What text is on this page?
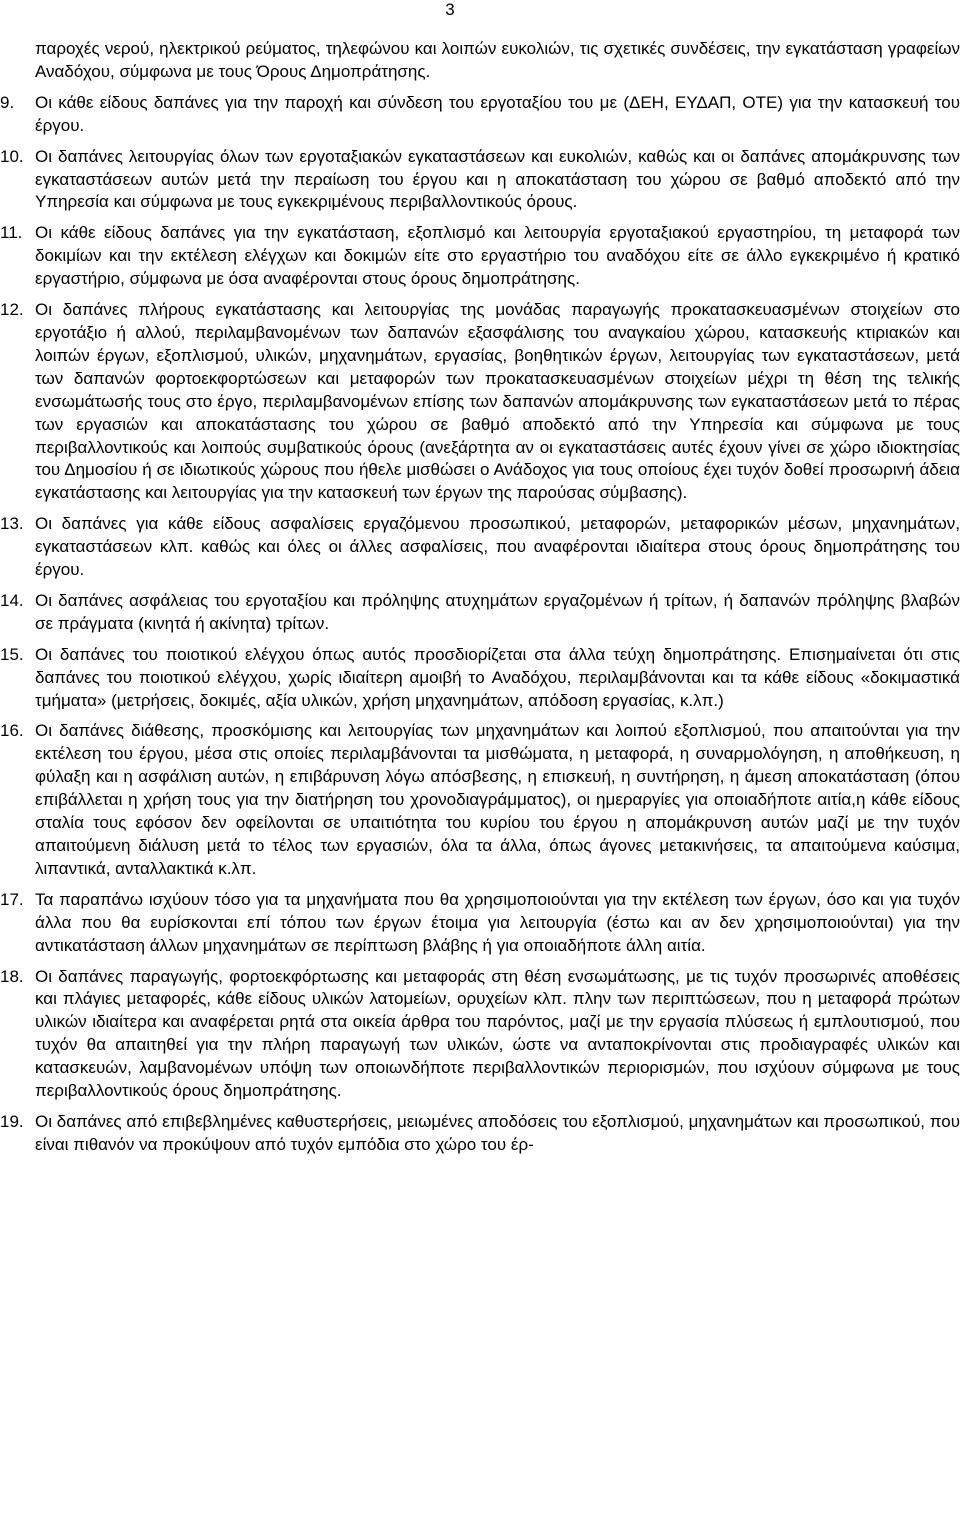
3
παροχές νερού, ηλεκτρικού ρεύματος, τηλεφώνου και λοιπών ευκολιών, τις σχετικές συνδέσεις, την εγκατάσταση γραφείων Αναδόχου, σύμφωνα με τους Όρους Δημοπράτησης.
9. Οι κάθε είδους δαπάνες για την παροχή και σύνδεση του εργοταξίου του με (ΔΕΗ, ΕΥΔΑΠ, ΟΤΕ) για την κατασκευή του έργου.
10. Οι δαπάνες λειτουργίας όλων των εργοταξιακών εγκαταστάσεων και ευκολιών, καθώς και οι δαπάνες απομάκρυνσης των εγκαταστάσεων αυτών μετά την περαίωση του έργου και η αποκατάσταση του χώρου σε βαθμό αποδεκτό από την Υπηρεσία και σύμφωνα με τους εγκεκριμένους περιβαλλοντικούς όρους.
11. Οι κάθε είδους δαπάνες για την εγκατάσταση, εξοπλισμό και λειτουργία εργοταξιακού εργαστηρίου, τη μεταφορά των δοκιμίων και την εκτέλεση ελέγχων και δοκιμών είτε στο εργαστήριο του αναδόχου είτε σε άλλο εγκεκριμένο ή κρατικό εργαστήριο, σύμφωνα με όσα αναφέρονται στους όρους δημοπράτησης.
12. Οι δαπάνες πλήρους εγκατάστασης και λειτουργίας της μονάδας παραγωγής προκατασκευασμένων στοιχείων στο εργοτάξιο ή αλλού, περιλαμβανομένων των δαπανών εξασφάλισης του αναγκαίου χώρου, κατασκευής κτιριακών και λοιπών έργων, εξοπλισμού, υλικών, μηχανημάτων, εργασίας, βοηθητικών έργων, λειτουργίας των εγκαταστάσεων, μετά των δαπανών φορτοεκφορτώσεων και μεταφορών των προκατασκευασμένων στοιχείων μέχρι τη θέση της τελικής ενσωμάτωσής τους στο έργο, περιλαμβανομένων επίσης των δαπανών απομάκρυνσης των εγκαταστάσεων μετά το πέρας των εργασιών και αποκατάστασης του χώρου σε βαθμό αποδεκτό από την Υπηρεσία και σύμφωνα με τους περιβαλλοντικούς και λοιπούς συμβατικούς όρους (ανεξάρτητα αν οι εγκαταστάσεις αυτές έχουν γίνει σε χώρο ιδιοκτησίας του Δημοσίου ή σε ιδιωτικούς χώρους που ήθελε μισθώσει ο Ανάδοχος για τους οποίους έχει τυχόν δοθεί προσωρινή άδεια εγκατάστασης και λειτουργίας για την κατασκευή των έργων της παρούσας σύμβασης).
13. Οι δαπάνες για κάθε είδους ασφαλίσεις εργαζόμενου προσωπικού, μεταφορών, μεταφορικών μέσων, μηχανημάτων, εγκαταστάσεων κλπ. καθώς και όλες οι άλλες ασφαλίσεις, που αναφέρονται ιδιαίτερα στους όρους δημοπράτησης του έργου.
14. Οι δαπάνες ασφάλειας του εργοταξίου και πρόληψης ατυχημάτων εργαζομένων ή τρίτων, ή δαπανών πρόληψης βλαβών σε πράγματα (κινητά ή ακίνητα) τρίτων.
15. Οι δαπάνες του ποιοτικού ελέγχου όπως αυτός προσδιορίζεται στα άλλα τεύχη δημοπράτησης. Επισημαίνεται ότι στις δαπάνες του ποιοτικού ελέγχου, χωρίς ιδιαίτερη αμοιβή τo Αναδόχου, περιλαμβάνονται και τα κάθε είδους «δοκιμαστικά τμήματα» (μετρήσεις, δοκιμές, αξία υλικών, χρήση μηχανημάτων, απόδοση εργασίας, κ.λπ.)
16. Οι δαπάνες διάθεσης, προσκόμισης και λειτουργίας των μηχανημάτων και λοιπού εξοπλισμού, που απαιτούνται για την εκτέλεση του έργου, μέσα στις οποίες περιλαμβάνονται τα μισθώματα, η μεταφορά, η συναρμολόγηση, η αποθήκευση, η φύλαξη και η ασφάλιση αυτών, η επιβάρυνση λόγω απόσβεσης, η επισκευή, η συντήρηση, η άμεση αποκατάσταση (όπου επιβάλλεται η χρήση τους για την διατήρηση του χρονοδιαγράμματος), οι ημεραργίες για οποιαδήποτε αιτία,η κάθε είδους σταλία τους εφόσον δεν οφείλονται σε υπαιτιότητα του κυρίου του έργου η απομάκρυνση αυτών μαζί με την τυχόν απαιτούμενη διάλυση μετά το τέλος των εργασιών, όλα τα άλλα, όπως άγονες μετακινήσεις, τα απαιτούμενα καύσιμα, λιπαντικά, ανταλλακτικά κ.λπ.
17. Τα παραπάνω ισχύουν τόσο για τα μηχανήματα που θα χρησιμοποιούνται για την εκτέλεση των έργων, όσο και για τυχόν άλλα που θα ευρίσκονται επί τόπου των έργων έτοιμα για λειτουργία (έστω και αν δεν χρησιμοποιούνται) για την αντικατάσταση άλλων μηχανημάτων σε περίπτωση βλάβης ή για οποιαδήποτε άλλη αιτία.
18. Οι δαπάνες παραγωγής, φορτοεκφόρτωσης και μεταφοράς στη θέση ενσωμάτωσης, με τις τυχόν προσωρινές αποθέσεις και πλάγιες μεταφορές, κάθε είδους υλικών λατομείων, ορυχείων κλπ. πλην των περιπτώσεων, που η μεταφορά πρώτων υλικών ιδιαίτερα και αναφέρεται ρητά στα οικεία άρθρα του παρόντος, μαζί με την εργασία πλύσεως ή εμπλουτισμού, που τυχόν θα απαιτηθεί για την πλήρη παραγωγή των υλικών, ώστε να ανταποκρίνονται στις προδιαγραφές υλικών και κατασκευών, λαμβανομένων υπόψη των οποιωνδήποτε περιβαλλοντικών περιορισμών, που ισχύουν σύμφωνα με τους περιβαλλοντικούς όρους δημοπράτησης.
19. Οι δαπάνες από επιβεβλημένες καθυστερήσεις, μειωμένες αποδόσεις του εξοπλισμού, μηχανημάτων και προσωπικού, που είναι πιθανόν να προκύψουν από τυχόν εμπόδια στο χώρο του έρ-
